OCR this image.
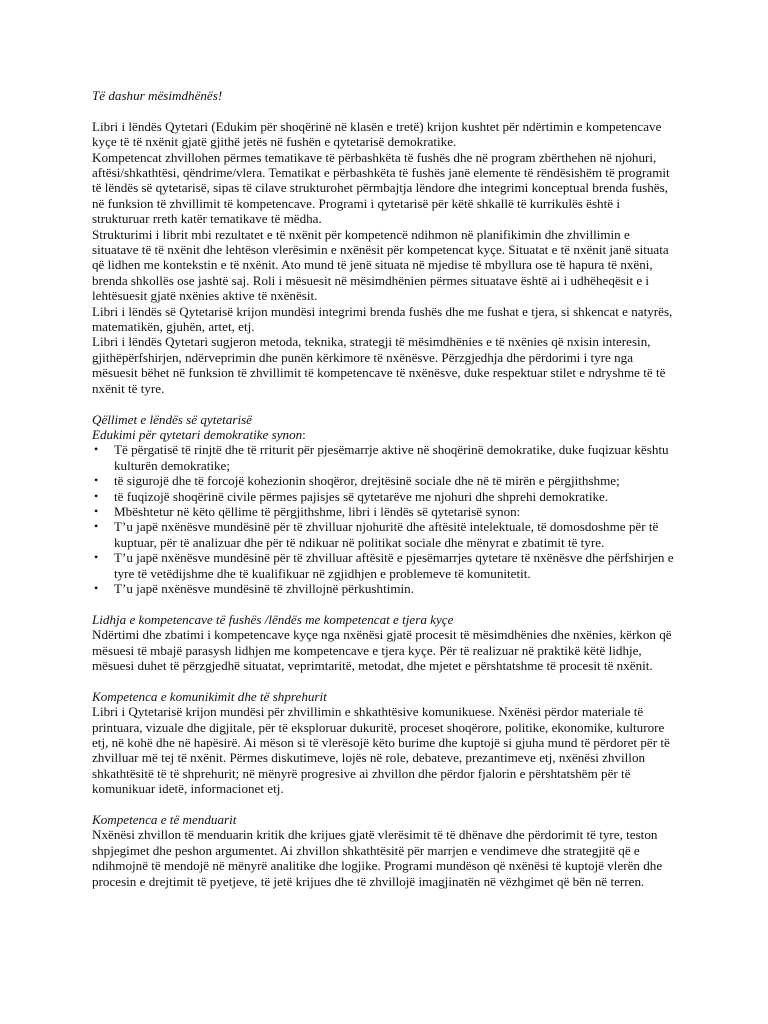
Të dashur mësimdhënës!

Libri i lëndës Qytetari (Edukim për shoqërinë në klasën e tretë) krijon kushtet për ndërtimin e kompetencave kyçe të të nxënit gjatë gjithë jetës në fushën e qytetarisë demokratike.

Kompetencat zhvillohen përmes tematikave të përbashkëta të fushës dhe në program zbërthehen në njohuri, aftësi/shkathtësi, qëndrime/vlera. Tematikat e përbashkëta të fushës janë elemente të rëndësishëm të programit të lëndës së qytetarisë, sipas të cilave strukturohet përmbajtja lëndore dhe integrimi konceptual brenda fushës, në funksion të zhvillimit të kompetencave. Programi i qytetarisë për këtë shkallë të kurrikulës është i strukturuar rreth katër tematikave të mëdha.

Strukturimi i librit mbi rezultatet e të nxënit për kompetencë ndihmon në planifikimin dhe zhvillimin e situatave të të nxënit dhe lehtëson vlerësimin e nxënësit për kompetencat kyçe. Situatat e të nxënit janë situata që lidhen me kontekstin e të nxënit. Ato mund të jenë situata në mjedise të mbyllura ose të hapura të nxëni, brenda shkollës ose jashtë saj. Roli i mësuesit në mësimdhënien përmes situatave është ai i udhëheqësit e i lehtësuesit gjatë nxënies aktive të nxënësit.

Libri i lëndës së Qytetarisë krijon mundësi integrimi brenda fushës dhe me fushat e tjera, si shkencat e natyrës, matematikën, gjuhën, artet, etj.

Libri i lëndës Qytetari sugjeron metoda, teknika, strategji të mësimdhënies e të nxënies që nxisin interesin, gjithëpërfshirjen, ndërveprimin dhe punën kërkimore të nxënësve. Përzgjedhja dhe përdorimi i tyre nga mësuesit bëhet në funksion të zhvillimit të kompetencave të nxënësve, duke respektuar stilet e ndryshme të të nxënit të tyre.

Qëllimet e lëndës së qytetarisë

Edukimi për qytetari demokratike synon:

• Të përgatisë të rinjtë dhe të rriturit për pjesëmarrje aktive në shoqërinë demokratike, duke fuqizuar kështu kulturën demokratike;
• të sigurojë dhe të forcojë kohezionin shoqëror, drejtësinë sociale dhe në të mirën e përgjithshme;
• të fuqizojë shoqërinë civile përmes pajisjes së qytetarëve me njohuri dhe shprehi demokratike.
• Mbështetur në këto qëllime të përgjithshme, libri i lëndës së qytetarisë synon:
• T’u japë nxënësve mundësinë për të zhvilluar njohuritë dhe aftësitë intelektuale, të domosdoshme për të kuptuar, për të analizuar dhe për të ndikuar në politikat sociale dhe mënyrat e zbatimit të tyre.
• T’u japë nxënësve mundësinë për të zhvilluar aftësitë e pjesëmarrjes qytetare të nxënësve dhe përfshirjen e tyre të vetëdijshme dhe të kualifikuar në zgjidhjen e problemeve të komunitetit.
• T’u japë nxënësve mundësinë të zhvillojnë përkushtimin.

Lidhja e kompetencave të fushës /lëndës me kompetencat e tjera kyçe

Ndërtimi dhe zbatimi i kompetencave kyçe nga nxënësi gjatë procesit të mësimdhënies dhe nxënies, kërkon që mësuesi të mbajë parasysh lidhjen me kompetencave e tjera kyçe. Për të realizuar në praktikë këtë lidhje, mësuesi duhet të përzgjedhë situatat, veprimtaritë, metodat, dhe mjetet e përshtatshme të procesit të nxënit.

Kompetenca e komunikimit dhe të shprehurit

Libri i Qytetarisë krijon mundësi për zhvillimin e shkathtësive komunikuese. Nxënësi përdor materiale të printuara, vizuale dhe digjitale, për të eksploruar dukuritë, proceset shoqërore, politike, ekonomike, kulturore etj, në kohë dhe në hapësirë. Ai mëson si të vlerësojë këto burime dhe kuptojë si gjuha mund të përdoret për të zhvilluar më tej të nxënit. Përmes diskutimeve, lojës në role, debateve, prezantimeve etj, nxënësi zhvillon shkathtësitë të të shprehurit; në mënyrë progresive ai zhvillon dhe përdor fjalorin e përshtatshëm për të komunikuar idetë, informacionet etj.

Kompetenca e të menduarit

Nxënësi zhvillon të menduarin kritik dhe krijues gjatë vlerësimit të të dhënave dhe përdorimit të tyre, teston shpjegimet dhe peshon argumentet. Ai zhvillon shkathtësitë për marrjen e vendimeve dhe strategjitë që e ndihmojnë të mendojë në mënyrë analitike dhe logjike. Programi mundëson që nxënësi të kuptojë vlerën dhe procesin e drejtimit të pyetjeve, të jetë krijues dhe të zhvillojë imagjinatën në vëzhgimet që bën në terren.
